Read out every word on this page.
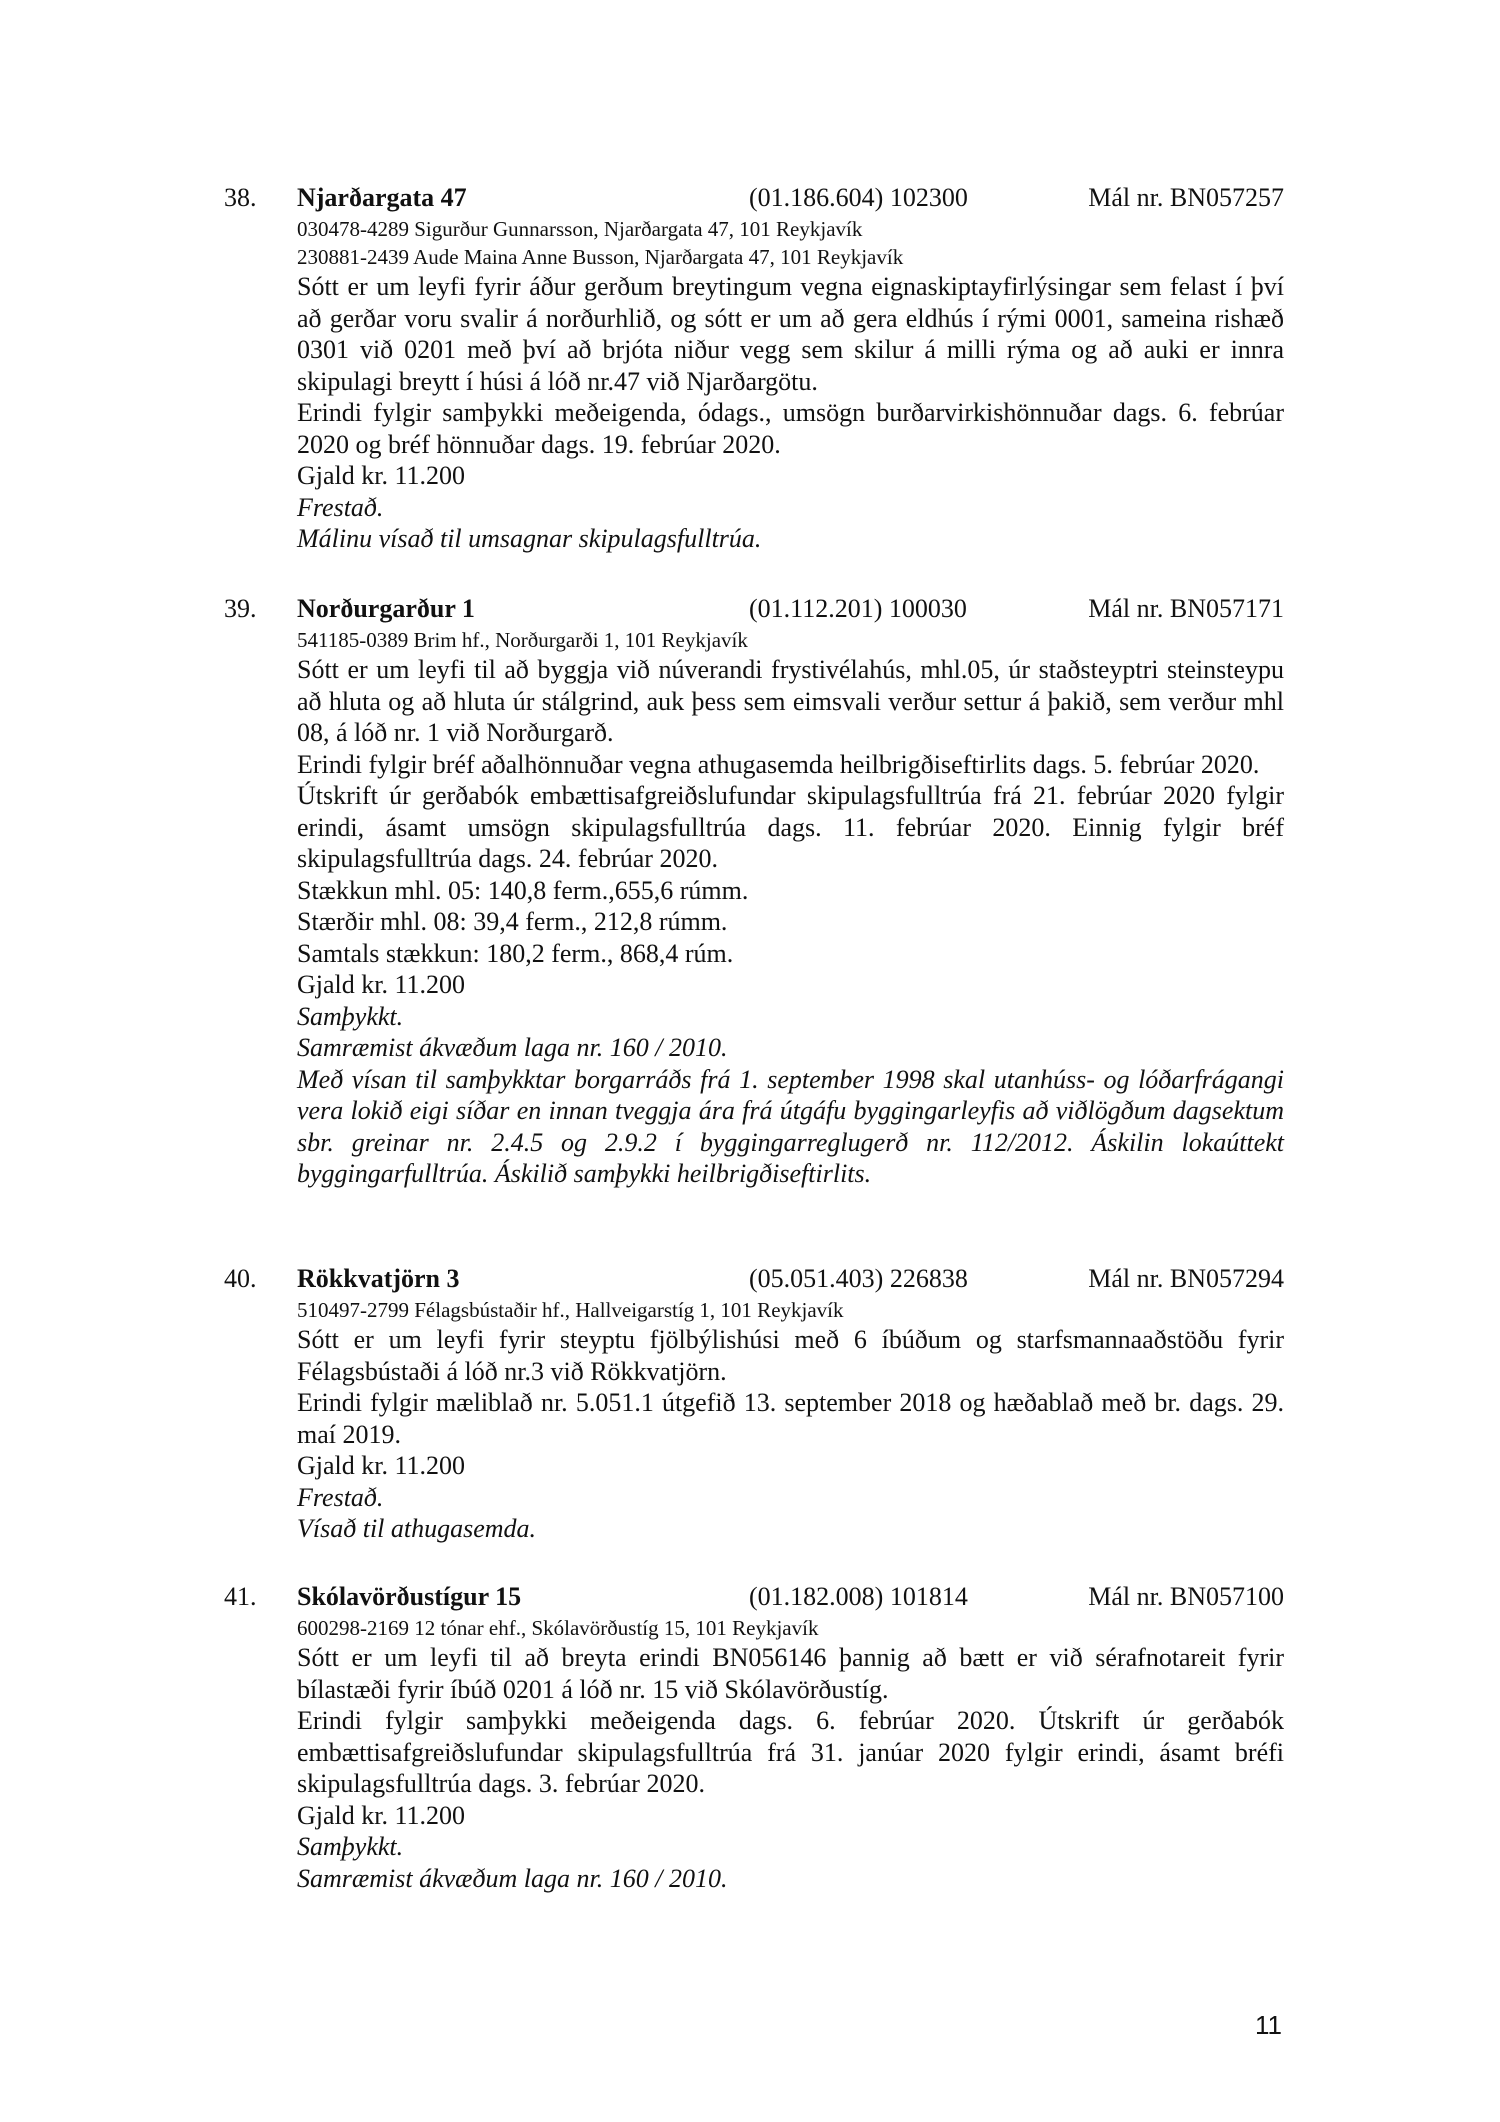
38. Njarðargata 47	(01.186.604) 102300	Mál nr. BN057257
030478-4289 Sigurður Gunnarsson, Njarðargata 47, 101 Reykjavík
230881-2439 Aude Maina Anne Busson, Njarðargata 47, 101 Reykjavík

Sótt er um leyfi fyrir áður gerðum breytingum vegna eignaskiptayfirlýsingar sem felast í því að gerðar voru svalir á norðurhlið, og sótt er um að gera eldhús í rými 0001, sameina rishæð 0301 við 0201 með því að brjóta niður vegg sem skilur á milli rýma og að auki er innra skipulagi breytt í húsi á lóð nr.47 við Njarðargötu.

Erindi fylgir samþykki meðeigenda, ódags., umsögn burðarvirkishönnuðar dags. 6. febrúar 2020 og bréf hönnuðar dags. 19. febrúar 2020.

Gjald kr. 11.200

Frestað.

Málinu vísað til umsagnar skipulagsfulltrúa.

39. Norðurgarður 1	(01.112.201) 100030	Mál nr. BN057171
541185-0389 Brim hf., Norðurgarði 1, 101 Reykjavík

Sótt er um leyfi til að byggja við núverandi frystivélahús, mhl.05, úr staðsteyptri steinsteypu að hluta og að hluta úr stálgrind, auk þess sem eimsvali verður settur á þakið, sem verður mhl 08, á lóð nr. 1 við Norðurgarð.

Erindi fylgir bréf aðalhönnuðar vegna athugasemda heilbrigðiseftirlits dags. 5. febrúar 2020.

Útskrift úr gerðabók embættisafgreiðslufundar skipulagsfulltrúa frá 21. febrúar 2020 fylgir erindi, ásamt umsögn skipulagsfulltrúa dags. 11. febrúar 2020. Einnig fylgir bréf skipulagsfulltrúa dags. 24. febrúar 2020.

Stækkun mhl. 05: 140,8 ferm.,655,6 rúmm.

Stærðir mhl. 08: 39,4 ferm., 212,8 rúmm.

Samtals stækkun: 180,2 ferm., 868,4 rúm.

Gjald kr. 11.200

Samþykkt.

Samræmist ákvæðum laga nr. 160 / 2010.

Með vísan til samþykktar borgarráðs frá 1. september 1998 skal utanhúss- og lóðarfrágangi vera lokið eigi síðar en innan tveggja ára frá útgáfu byggingarleyfis að viðlögðum dagsektum sbr. greinar nr. 2.4.5 og 2.9.2 í byggingarreglugerð nr. 112/2012. Áskilin lokaúttekt byggingarfulltrúa. Áskilið samþykki heilbrigðiseftirlits.

40. Rökkvatjörn 3	(05.051.403) 226838	Mál nr. BN057294
510497-2799 Félagsbústaðir hf., Hallveigarstíg 1, 101 Reykjavík

Sótt er um leyfi fyrir steyptu fjölbýlishúsi með 6 íbúðum og starfsmannaaðstöðu fyrir Félagsbústaði á lóð nr.3 við Rökkvatjörn.

Erindi fylgir mæliblað nr. 5.051.1 útgefið 13. september 2018 og hæðablað með br. dags. 29. maí 2019.

Gjald kr. 11.200

Frestað.

Vísað til athugasemda.

41. Skólavörðustígur 15	(01.182.008) 101814	Mál nr. BN057100
600298-2169 12 tónar ehf., Skólavörðustíg 15, 101 Reykjavík

Sótt er um leyfi til að breyta erindi BN056146 þannig að bætt er við sérafnotareit fyrir bílastæði fyrir íbúð 0201 á lóð nr. 15 við Skólavörðustíg.

Erindi fylgir samþykki meðeigenda dags. 6. febrúar 2020. Útskrift úr gerðabók embættisafgreiðslufundar skipulagsfulltrúa frá 31. janúar 2020 fylgir erindi, ásamt bréfi skipulagsfulltrúa dags. 3. febrúar 2020.

Gjald kr. 11.200

Samþykkt.

Samræmist ákvæðum laga nr. 160 / 2010.

11
